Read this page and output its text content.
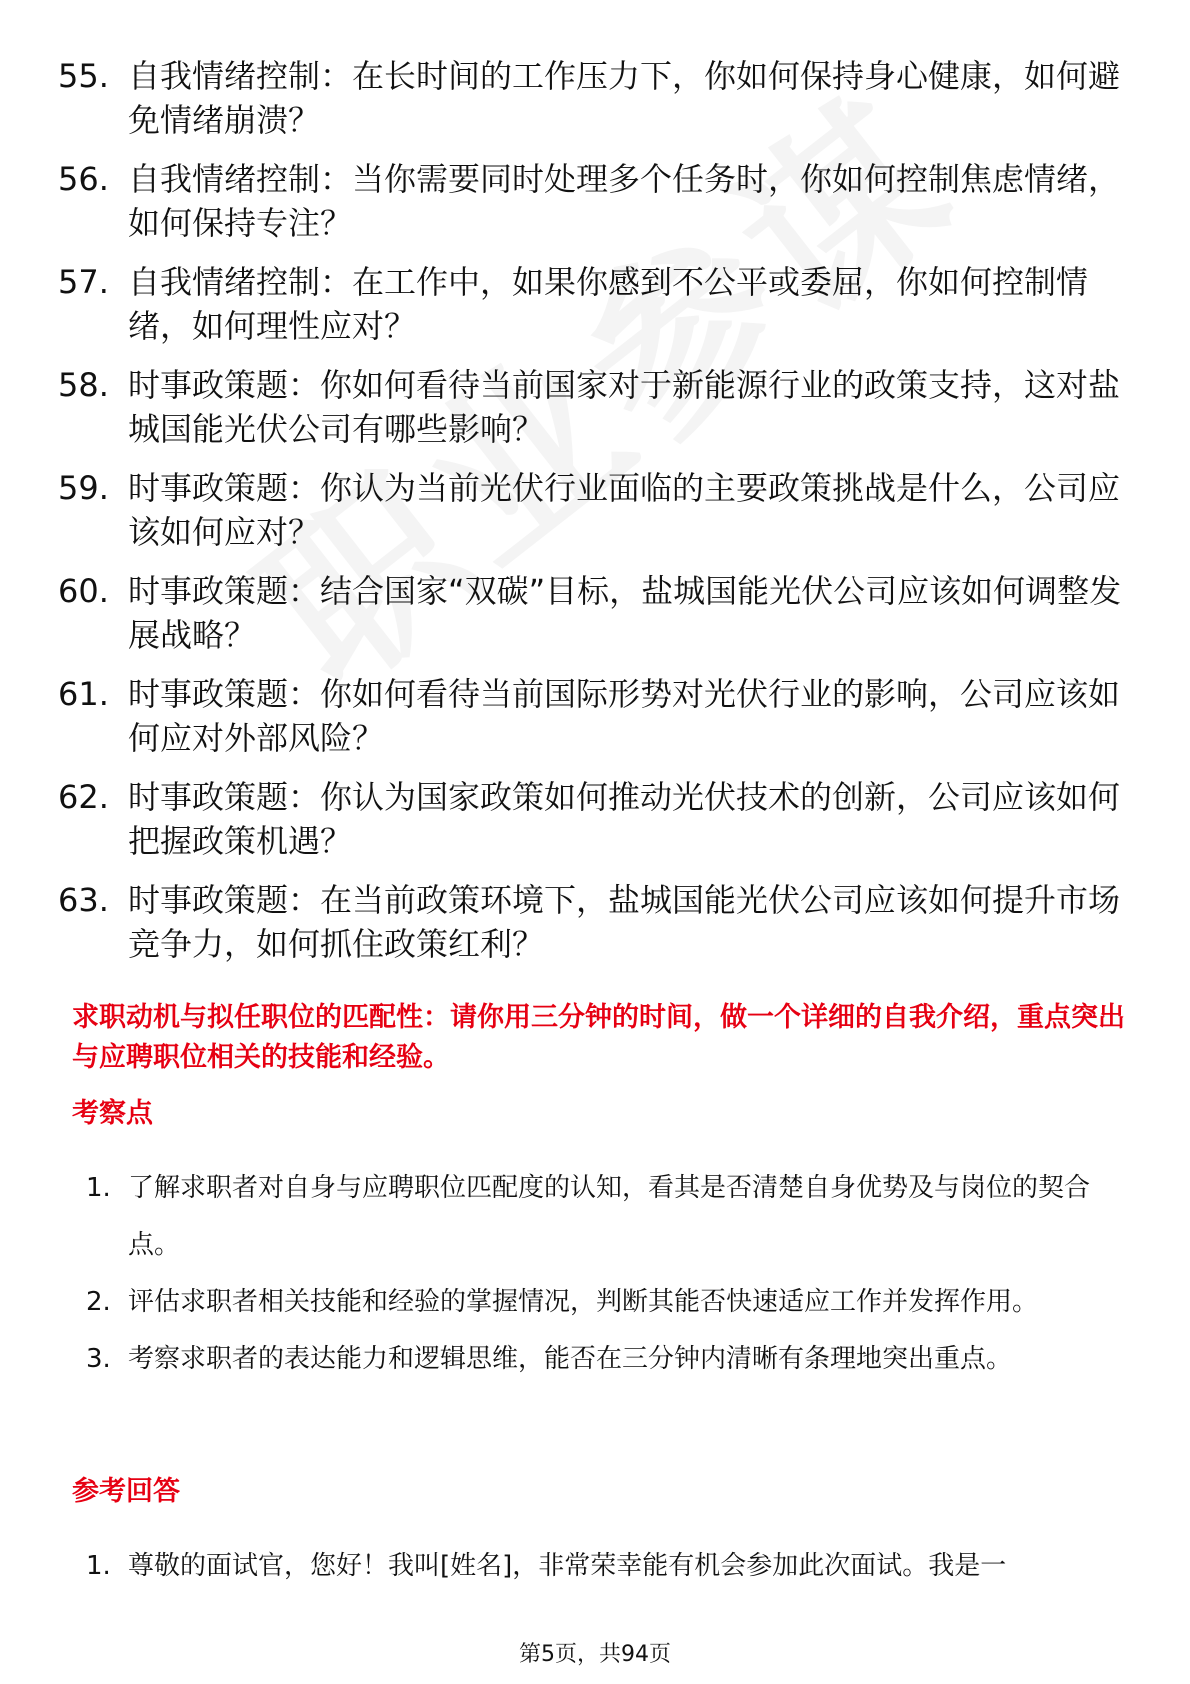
55. 自我情绪控制：在长时间的工作压力下，你如何保持身心健康，如何避免情绪崩溃？
56. 自我情绪控制：当你需要同时处理多个任务时，你如何控制焦虑情绪，如何保持专注？
57. 自我情绪控制：在工作中，如果你感到不公平或委屈，你如何控制情绪，如何理性应对？
58. 时事政策题：你如何看待当前国家对于新能源行业的政策支持，这对盐城国能光伏公司有哪些影响？
59. 时事政策题：你认为当前光伏行业面临的主要政策挑战是什么，公司应该如何应对？
60. 时事政策题：结合国家“双碳”目标，盐城国能光伏公司应该如何调整发展战略？
61. 时事政策题：你如何看待当前国际形势对光伏行业的影响，公司应该如何应对外部风险？
62. 时事政策题：你认为国家政策如何推动光伏技术的创新，公司应该如何把握政策机遇？
63. 时事政策题：在当前政策环境下，盐城国能光伏公司应该如何提升市场竞争力，如何抓住政策红利？
求职动机与拟任职位的匹配性：请你用三分钟的时间，做一个详细的自我介绍，重点突出与应聘职位相关的技能和经验。
考察点
1. 了解求职者对自身与应聘职位匹配度的认知，看其是否清楚自身优势及与岗位的契合点。
2. 评估求职者相关技能和经验的掌握情况，判断其能否快速适应工作并发挥作用。
3. 考察求职者的表达能力和逻辑思维，能否在三分钟内清晰有条理地突出重点。
参考回答
1. 尊敬的面试官，您好！我叫[姓名]，非常荣幸能有机会参加此次面试。我是一
第5页，共94页
